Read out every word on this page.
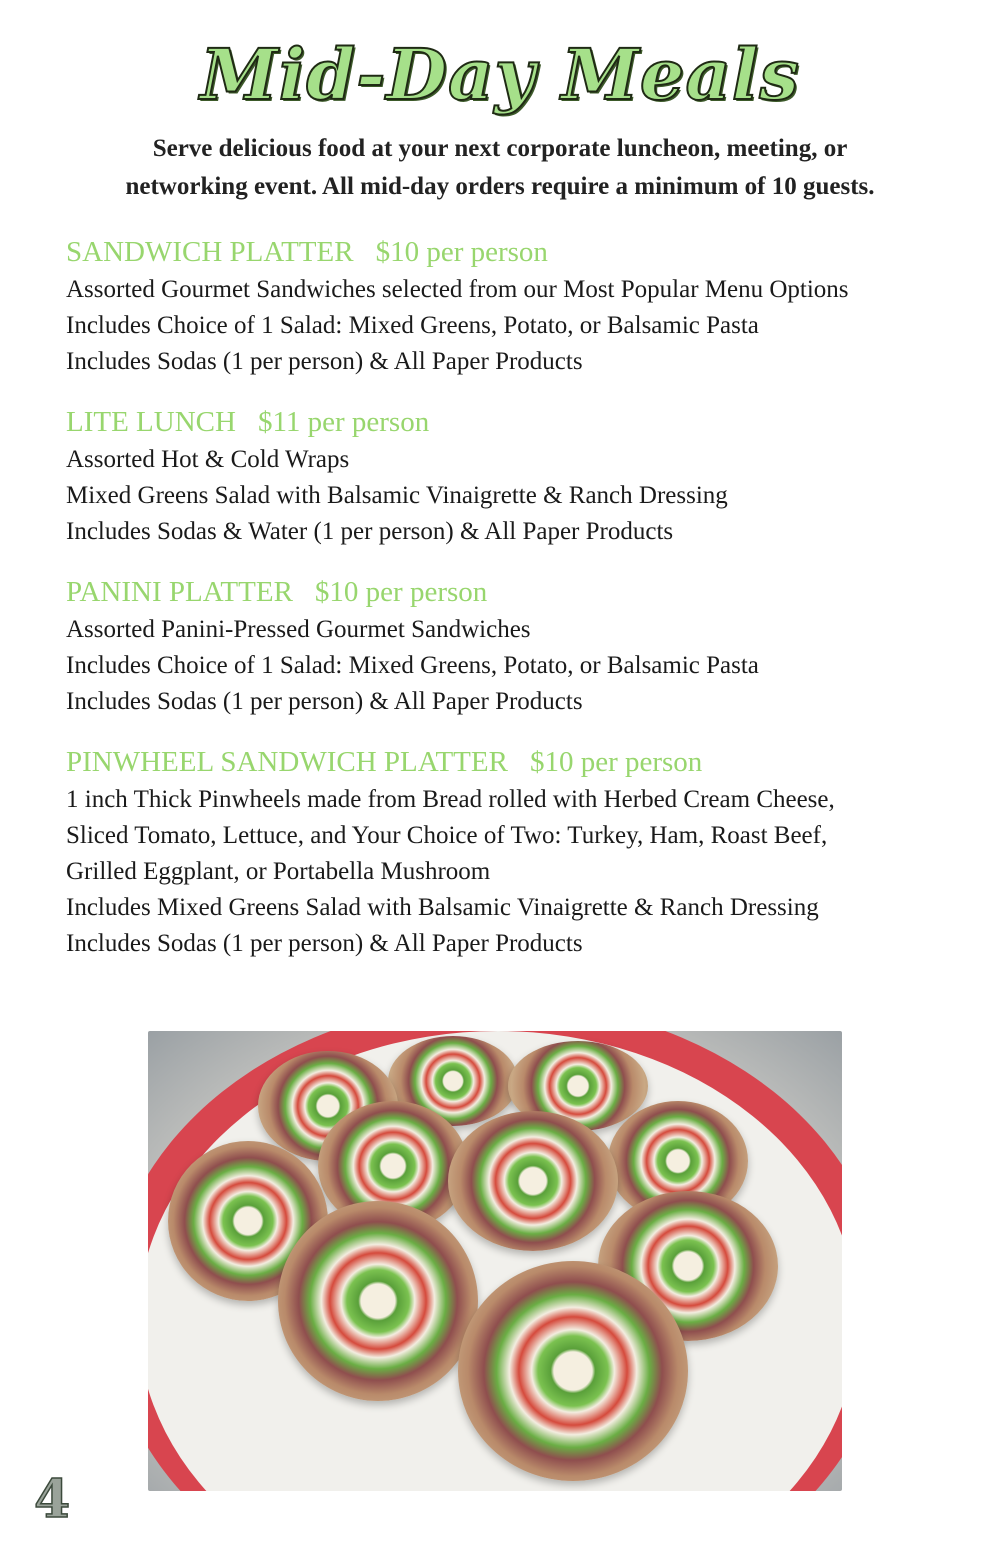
Mid-Day Meals
Serve delicious food at your next corporate luncheon, meeting, or
networking event. All mid-day orders require a minimum of 10 guests.
SANDWICH PLATTER $10 per person
Assorted Gourmet Sandwiches selected from our Most Popular Menu Options
Includes Choice of 1 Salad: Mixed Greens, Potato, or Balsamic Pasta
Includes Sodas (1 per person) & All Paper Products
LITE LUNCH $11 per person
Assorted Hot & Cold Wraps
Mixed Greens Salad with Balsamic Vinaigrette & Ranch Dressing
Includes Sodas & Water (1 per person) & All Paper Products
PANINI PLATTER $10 per person
Assorted Panini-Pressed Gourmet Sandwiches
Includes Choice of 1 Salad: Mixed Greens, Potato, or Balsamic Pasta
Includes Sodas (1 per person) & All Paper Products
PINWHEEL SANDWICH PLATTER $10 per person
1 inch Thick Pinwheels made from Bread rolled with Herbed Cream Cheese,
Sliced Tomato, Lettuce, and Your Choice of Two: Turkey, Ham, Roast Beef,
Grilled Eggplant, or Portabella Mushroom
Includes Mixed Greens Salad with Balsamic Vinaigrette & Ranch Dressing
Includes Sodas (1 per person) & All Paper Products
4
